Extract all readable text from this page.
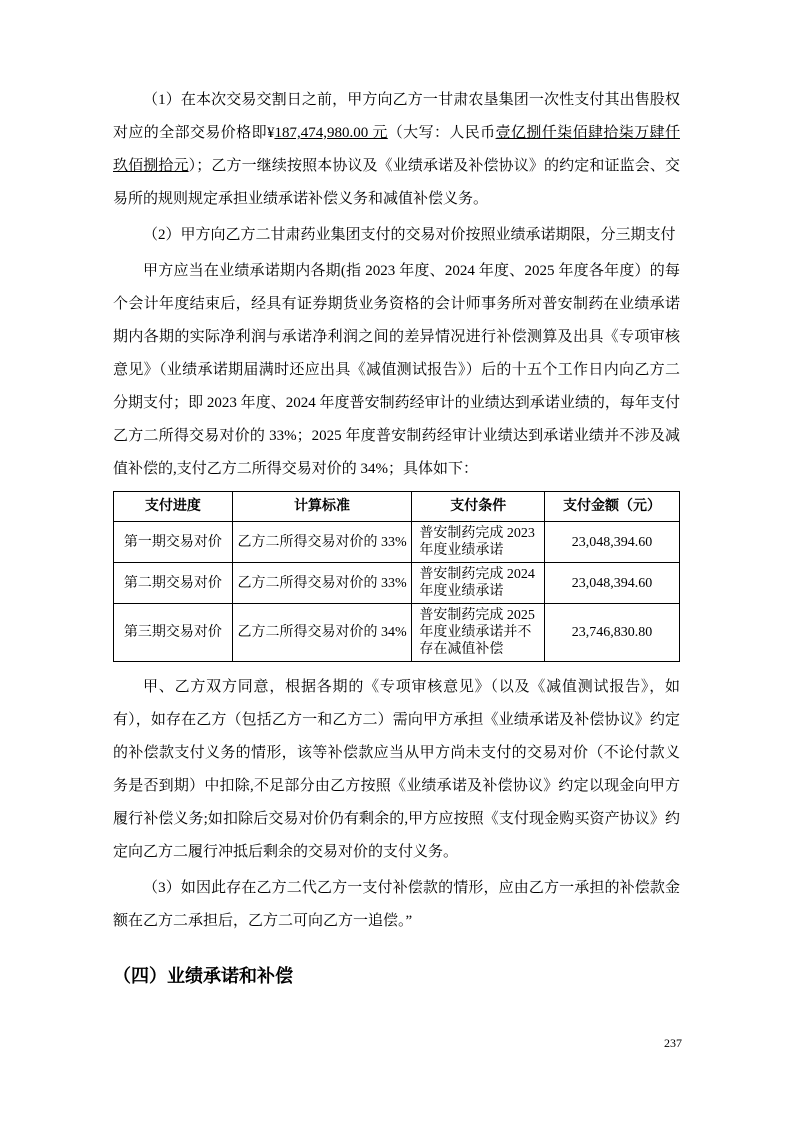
（1）在本次交易交割日之前，甲方向乙方一甘肃农垦集团一次性支付其出售股权对应的全部交易价格即¥187,474,980.00 元（大写：人民币壹亿捌仟柒佰肆拾柒万肆仟玖佰捌拾元）；乙方一继续按照本协议及《业绩承诺及补偿协议》的约定和证监会、交易所的规则规定承担业绩承诺补偿义务和减值补偿义务。

（2）甲方向乙方二甘肃药业集团支付的交易对价按照业绩承诺期限，分三期支付

甲方应当在业绩承诺期内各期(指 2023 年度、2024 年度、2025 年度各年度）的每个会计年度结束后，经具有证券期货业务资格的会计师事务所对普安制药在业绩承诺期内各期的实际净利润与承诺净利润之间的差异情况进行补偿测算及出具《专项审核意见》（业绩承诺期届满时还应出具《减值测试报告》）后的十五个工作日内向乙方二分期支付；即 2023 年度、2024 年度普安制药经审计的业绩达到承诺业绩的，每年支付乙方二所得交易对价的 33%；2025 年度普安制药经审计业绩达到承诺业绩并不涉及减值补偿的,支付乙方二所得交易对价的 34%；具体如下：

支付进度	计算标准	支付条件	支付金额（元）
第一期交易对价	乙方二所得交易对价的 33%	普安制药完成 2023 年度业绩承诺	23,048,394.60
第二期交易对价	乙方二所得交易对价的 33%	普安制药完成 2024 年度业绩承诺	23,048,394.60
第三期交易对价	乙方二所得交易对价的 34%	普安制药完成 2025 年度业绩承诺并不存在减值补偿	23,746,830.80

甲、乙方双方同意，根据各期的《专项审核意见》（以及《减值测试报告》，如有），如存在乙方（包括乙方一和乙方二）需向甲方承担《业绩承诺及补偿协议》约定的补偿款支付义务的情形，该等补偿款应当从甲方尚未支付的交易对价（不论付款义务是否到期）中扣除,不足部分由乙方按照《业绩承诺及补偿协议》约定以现金向甲方履行补偿义务;如扣除后交易对价仍有剩余的,甲方应按照《支付现金购买资产协议》约定向乙方二履行冲抵后剩余的交易对价的支付义务。

（3）如因此存在乙方二代乙方一支付补偿款的情形，应由乙方一承担的补偿款金额在乙方二承担后，乙方二可向乙方一追偿。”

（四）业绩承诺和补偿
237
